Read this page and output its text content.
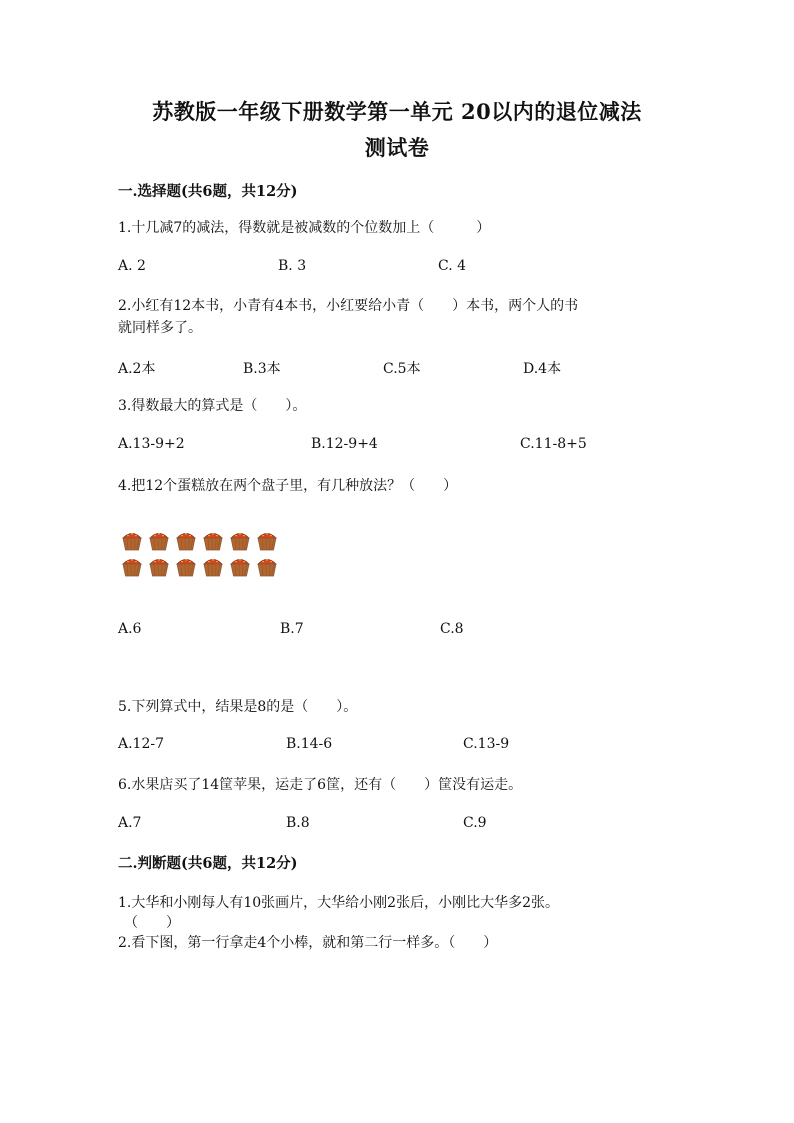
苏教版一年级下册数学第一单元 20以内的退位减法
测试卷
一.选择题(共6题，共12分)
1.十几减7的减法，得数就是被减数的个位数加上（　　　）
A. 2	B. 3	C. 4
2.小红有12本书，小青有4本书，小红要给小青（　　）本书，两个人的书
就同样多了。
A.2本	B.3本	C.5本	D.4本
3.得数最大的算式是（　　）。
A.13-9+2	B.12-9+4	C.11-8+5
4.把12个蛋糕放在两个盘子里，有几种放法？（　　）
A.6	B.7	C.8
5.下列算式中，结果是8的是（　　）。
A.12-7	B.14-6	C.13-9
6.水果店买了14筐苹果，运走了6筐，还有（　　）筐没有运走。
A.7	B.8	C.9
二.判断题(共6题，共12分)
1.大华和小刚每人有10张画片，大华给小刚2张后，小刚比大华多2张。
（　　）
2.看下图，第一行拿走4个小棒，就和第二行一样多。（　　）
